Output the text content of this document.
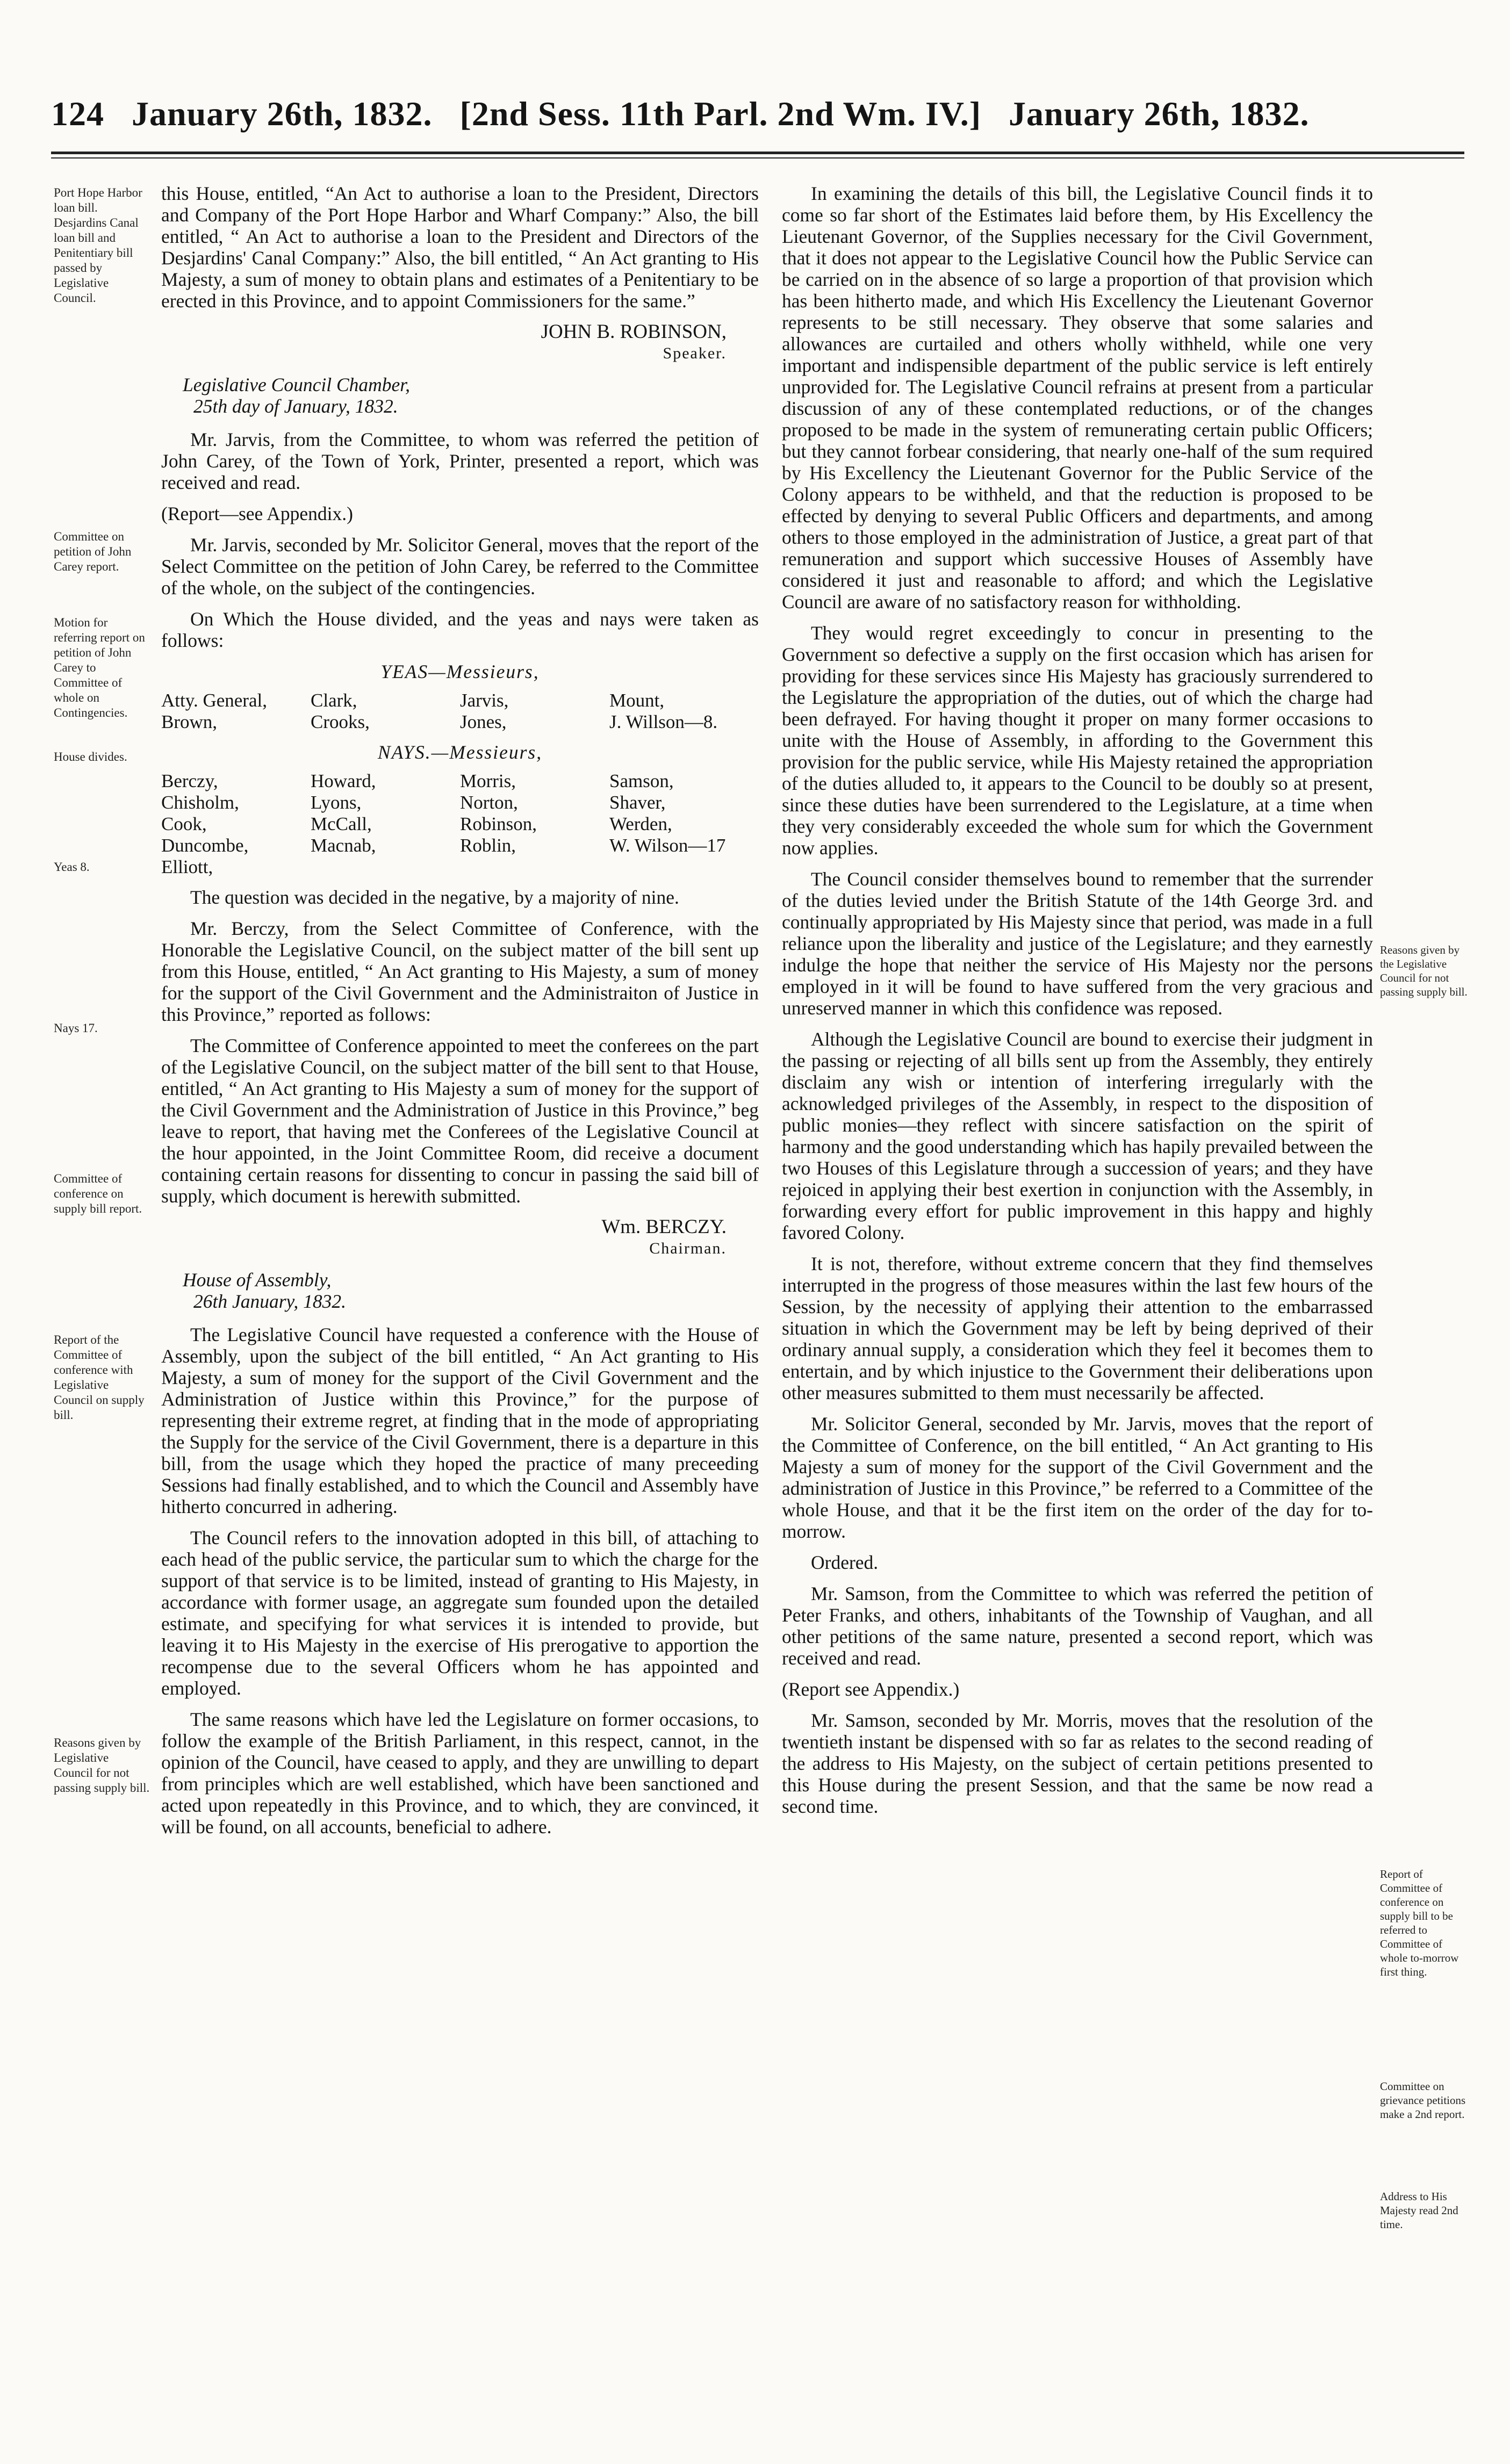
124 January 26th, 1832. [2nd Sess. 11th Parl. 2nd Wm. IV.] January 26th, 1832.
Port Hope Harbor loan bill. Desjardins Canal loan bill and Penitentiary bill passed by Legislative Council.
Committee on petition of John Carey report.
Motion for referring report on petition of John Carey to Committee of whole on Contingencies.
House divides.
Yeas 8.
Nays 17.
Committee of conference on supply bill report.
Report of the Committee of conference with Legislative Council on supply bill.
Reasons given by Legislative Council for not passing supply bill.
Reasons given by the Legislative Council for not passing supply bill.
Report of Committee of conference on supply bill to be referred to Committee of whole to-morrow first thing.
Committee on grievance petitions make a 2nd report.
Address to His Majesty read 2nd time.

this House, entitled, “An Act to authorise a loan to the President, Directors and Company of the Port Hope Harbor and Wharf Company:” Also, the bill entitled, “ An Act to authorise a loan to the President and Directors of the Desjardins' Canal Company:” Also, the bill entitled, “ An Act granting to His Majesty, a sum of money to obtain plans and estimates of a Penitentiary to be erected in this Province, and to appoint Commissioners for the same.”

JOHN B. ROBINSON,
Speaker.
Legislative Council Chamber,
25th day of January, 1832.

Mr. Jarvis, from the Committee, to whom was referred the petition of John Carey, of the Town of York, Printer, presented a report, which was received and read.

(Report—see Appendix.)

Mr. Jarvis, seconded by Mr. Solicitor General, moves that the report of the Select Committee on the petition of John Carey, be referred to the Committee of the whole, on the subject of the contingencies.

On Which the House divided, and the yeas and nays were taken as follows:

YEAS—Messieurs,
Atty. General,	Clark,	Jarvis,	Mount,
Brown,	Crooks,	Jones,	J. Willson—8.
NAYS.—Messieurs,
Berczy,	Howard,	Morris,	Samson,
Chisholm,	Lyons,	Norton,	Shaver,
Cook,	McCall,	Robinson,	Werden,
Duncombe,	Macnab,	Roblin,	W. Wilson—17
Elliott,			

The question was decided in the negative, by a majority of nine.

Mr. Berczy, from the Select Committee of Conference, with the Honorable the Legislative Council, on the subject matter of the bill sent up from this House, entitled, “ An Act granting to His Majesty, a sum of money for the support of the Civil Government and the Administraiton of Justice in this Province,” reported as follows:

The Committee of Conference appointed to meet the conferees on the part of the Legislative Council, on the subject matter of the bill sent to that House, entitled, “ An Act granting to His Majesty a sum of money for the support of the Civil Government and the Administration of Justice in this Province,” beg leave to report, that having met the Conferees of the Legislative Council at the hour appointed, in the Joint Committee Room, did receive a document containing certain reasons for dissenting to concur in passing the said bill of supply, which document is herewith submitted.

Wm. BERCZY.
Chairman.
House of Assembly,
26th January, 1832.

The Legislative Council have requested a conference with the House of Assembly, upon the subject of the bill entitled, “ An Act granting to His Majesty, a sum of money for the support of the Civil Government and the Administration of Justice within this Province,” for the purpose of representing their extreme regret, at finding that in the mode of appropriating the Supply for the service of the Civil Government, there is a departure in this bill, from the usage which they hoped the practice of many preceeding Sessions had finally established, and to which the Council and Assembly have hitherto concurred in adhering.

The Council refers to the innovation adopted in this bill, of attaching to each head of the public service, the particular sum to which the charge for the support of that service is to be limited, instead of granting to His Majesty, in accordance with former usage, an aggregate sum founded upon the detailed estimate, and specifying for what services it is intended to provide, but leaving it to His Majesty in the exercise of His prerogative to apportion the recompense due to the several Officers whom he has appointed and employed.

The same reasons which have led the Legislature on former occasions, to follow the example of the British Parliament, in this respect, cannot, in the opinion of the Council, have ceased to apply, and they are unwilling to depart from principles which are well established, which have been sanctioned and acted upon repeatedly in this Province, and to which, they are convinced, it will be found, on all accounts, beneficial to adhere.

In examining the details of this bill, the Legislative Council finds it to come so far short of the Estimates laid before them, by His Excellency the Lieutenant Governor, of the Supplies necessary for the Civil Government, that it does not appear to the Legislative Council how the Public Service can be carried on in the absence of so large a proportion of that provision which has been hitherto made, and which His Excellency the Lieutenant Governor represents to be still necessary. They observe that some salaries and allowances are curtailed and others wholly withheld, while one very important and indispensible department of the public service is left entirely unprovided for. The Legislative Council refrains at present from a particular discussion of any of these contemplated reductions, or of the changes proposed to be made in the system of remunerating certain public Officers; but they cannot forbear considering, that nearly one-half of the sum required by His Excellency the Lieutenant Governor for the Public Service of the Colony appears to be withheld, and that the reduction is proposed to be effected by denying to several Public Officers and departments, and among others to those employed in the administration of Justice, a great part of that remuneration and support which successive Houses of Assembly have considered it just and reasonable to afford; and which the Legislative Council are aware of no satisfactory reason for withholding.

They would regret exceedingly to concur in presenting to the Government so defective a supply on the first occasion which has arisen for providing for these services since His Majesty has graciously surrendered to the Legislature the appropriation of the duties, out of which the charge had been defrayed. For having thought it proper on many former occasions to unite with the House of Assembly, in affording to the Government this provision for the public service, while His Majesty retained the appropriation of the duties alluded to, it appears to the Council to be doubly so at present, since these duties have been surrendered to the Legislature, at a time when they very considerably exceeded the whole sum for which the Government now applies.

The Council consider themselves bound to remember that the surrender of the duties levied under the British Statute of the 14th George 3rd. and continually appropriated by His Majesty since that period, was made in a full reliance upon the liberality and justice of the Legislature; and they earnestly indulge the hope that neither the service of His Majesty nor the persons employed in it will be found to have suffered from the very gracious and unreserved manner in which this confidence was reposed.

Although the Legislative Council are bound to exercise their judgment in the passing or rejecting of all bills sent up from the Assembly, they entirely disclaim any wish or intention of interfering irregularly with the acknowledged privileges of the Assembly, in respect to the disposition of public monies—they reflect with sincere satisfaction on the spirit of harmony and the good understanding which has hapily prevailed between the two Houses of this Legislature through a succession of years; and they have rejoiced in applying their best exertion in conjunction with the Assembly, in forwarding every effort for public improvement in this happy and highly favored Colony.

It is not, therefore, without extreme concern that they find themselves interrupted in the progress of those measures within the last few hours of the Session, by the necessity of applying their attention to the embarrassed situation in which the Government may be left by being deprived of their ordinary annual supply, a consideration which they feel it becomes them to entertain, and by which injustice to the Government their deliberations upon other measures submitted to them must necessarily be affected.

Mr. Solicitor General, seconded by Mr. Jarvis, moves that the report of the Committee of Conference, on the bill entitled, “ An Act granting to His Majesty a sum of money for the support of the Civil Government and the administration of Justice in this Province,” be referred to a Committee of the whole House, and that it be the first item on the order of the day for to-morrow.

Ordered.

Mr. Samson, from the Committee to which was referred the petition of Peter Franks, and others, inhabitants of the Township of Vaughan, and all other petitions of the same nature, presented a second report, which was received and read.

(Report see Appendix.)

Mr. Samson, seconded by Mr. Morris, moves that the resolution of the twentieth instant be dispensed with so far as relates to the second reading of the address to His Majesty, on the subject of certain petitions presented to this House during the present Session, and that the same be now read a second time.
